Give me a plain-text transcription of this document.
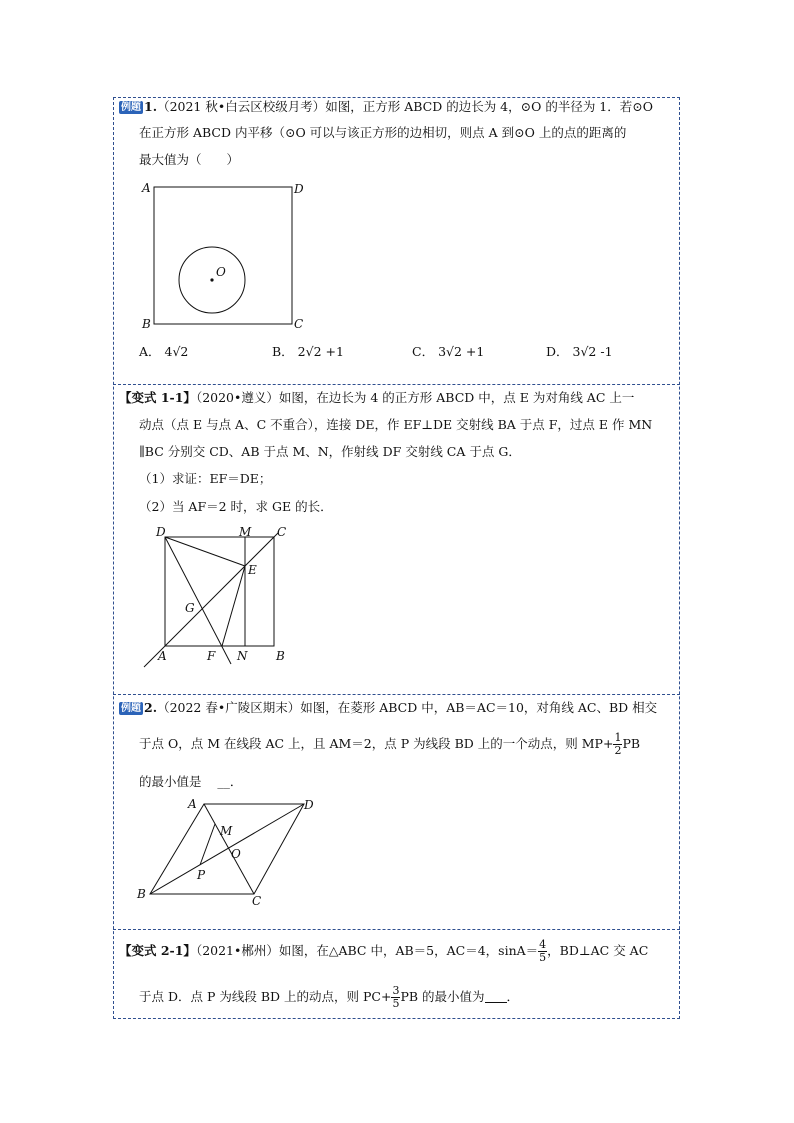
例题 1.（2021 秋•白云区校级月考）如图，正方形 ABCD 的边长为 4，⊙O 的半径为 1．若⊙O
在正方形 ABCD 内平移（⊙O 可以与该正方形的边相切，则点 A 到⊙O 上的点的距离的
最大值为（　　）
A	D
B	C
O
A． 4√2	B． 2√2 +1	C． 3√2 +1	D． 3√2 -1
【变式 1-1】（2020•遵义）如图，在边长为 4 的正方形 ABCD 中，点 E 为对角线 AC 上一
动点（点 E 与点 A、C 不重合），连接 DE，作 EF⊥DE 交射线 BA 于点 F，过点 E 作 MN
∥BC 分别交 CD、AB 于点 M、N，作射线 DF 交射线 CA 于点 G．
（1）求证：EF＝DE；
（2）当 AF＝2 时，求 GE 的长．
D	M C
E
G
A	F N B
例题 2.（2022 春•广陵区期末）如图，在菱形 ABCD 中，AB＝AC＝10，对角线 AC、BD 相交
于点 O，点 M 在线段 AC 上，且 AM＝2，点 P 为线段 BD 上的一个动点，则 $MP+ \frac{1}{2}$ PB
的最小值是 __．
A	D
M
O
P
B	C
【变式 2-1】（2021•郴州）如图，在△ABC 中，AB＝5，AC＝4，$\sin A= \frac{4}{5}$ ，BD⊥AC 交 AC
于点 D．点 P 为线段 BD 上的动点，则 $PC+ \frac{3}{5}$ PB 的最小值为 ．
